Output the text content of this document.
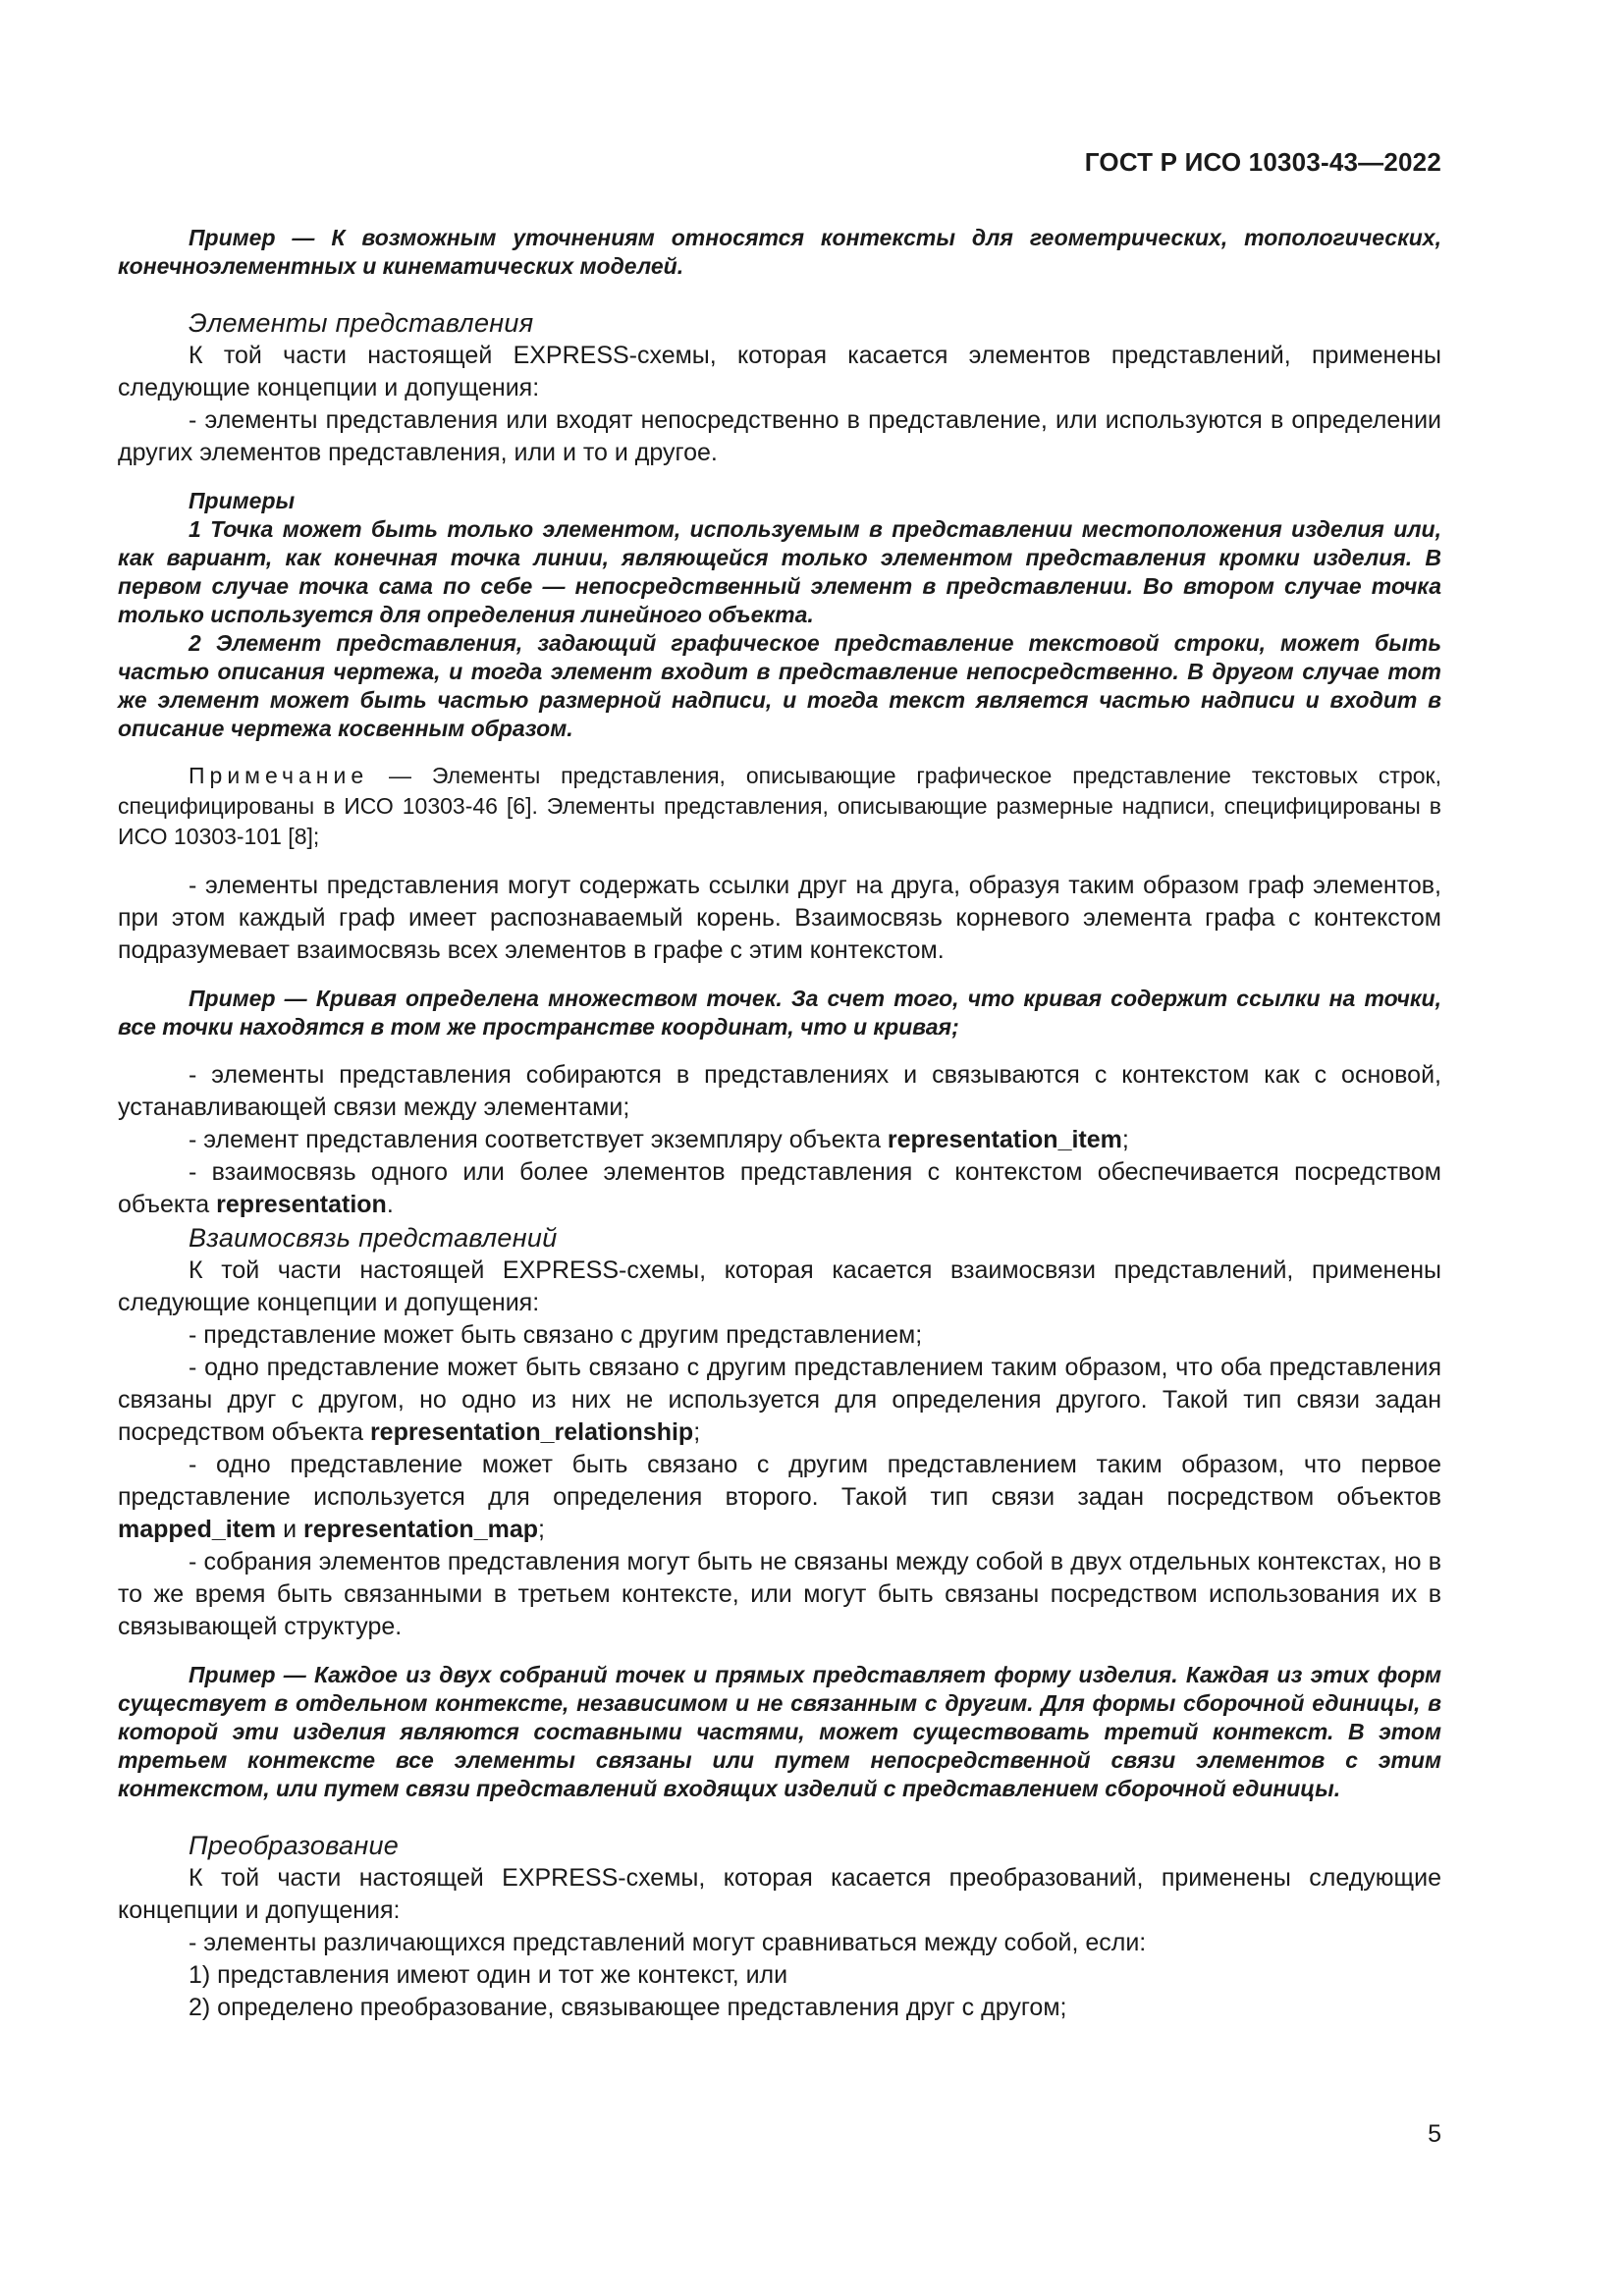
ГОСТ Р ИСО 10303-43—2022

Пример — К возможным уточнениям относятся контексты для геометрических, топологических, конечноэлементных и кинематических моделей.

Элементы представления

К той части настоящей EXPRESS-схемы, которая касается элементов представлений, применены следующие концепции и допущения:

- элементы представления или входят непосредственно в представление, или используются в определении других элементов представления, или и то и другое.

Примеры

1 Точка может быть только элементом, используемым в представлении местоположения изделия или, как вариант, как конечная точка линии, являющейся только элементом представления кромки изделия. В первом случае точка сама по себе — непосредственный элемент в представлении. Во втором случае точка только используется для определения линейного объекта.

2 Элемент представления, задающий графическое представление текстовой строки, может быть частью описания чертежа, и тогда элемент входит в представление непосредственно. В другом случае тот же элемент может быть частью размерной надписи, и тогда текст является частью надписи и входит в описание чертежа косвенным образом.

Примечание — Элементы представления, описывающие графическое представление текстовых строк, специфицированы в ИСО 10303-46 [6]. Элементы представления, описывающие размерные надписи, специфицированы в ИСО 10303-101 [8];

- элементы представления могут содержать ссылки друг на друга, образуя таким образом граф элементов, при этом каждый граф имеет распознаваемый корень. Взаимосвязь корневого элемента графа с контекстом подразумевает взаимосвязь всех элементов в графе с этим контекстом.

Пример — Кривая определена множеством точек. За счет того, что кривая содержит ссылки на точки, все точки находятся в том же пространстве координат, что и кривая;

- элементы представления собираются в представлениях и связываются с контекстом как с основой, устанавливающей связи между элементами;

- элемент представления соответствует экземпляру объекта representation_item;

- взаимосвязь одного или более элементов представления с контекстом обеспечивается посредством объекта representation.

Взаимосвязь представлений

К той части настоящей EXPRESS-схемы, которая касается взаимосвязи представлений, применены следующие концепции и допущения:

- представление может быть связано с другим представлением;

- одно представление может быть связано с другим представлением таким образом, что оба представления связаны друг с другом, но одно из них не используется для определения другого. Такой тип связи задан посредством объекта representation_relationship;

- одно представление может быть связано с другим представлением таким образом, что первое представление используется для определения второго. Такой тип связи задан посредством объектов mapped_item и representation_map;

- собрания элементов представления могут быть не связаны между собой в двух отдельных контекстах, но в то же время быть связанными в третьем контексте, или могут быть связаны посредством использования их в связывающей структуре.

Пример — Каждое из двух собраний точек и прямых представляет форму изделия. Каждая из этих форм существует в отдельном контексте, независимом и не связанным с другим. Для формы сборочной единицы, в которой эти изделия являются составными частями, может существовать третий контекст. В этом третьем контексте все элементы связаны или путем непосредственной связи элементов с этим контекстом, или путем связи представлений входящих изделий с представлением сборочной единицы.

Преобразование

К той части настоящей EXPRESS-схемы, которая касается преобразований, применены следующие концепции и допущения:

- элементы различающихся представлений могут сравниваться между собой, если:

1) представления имеют один и тот же контекст, или

2) определено преобразование, связывающее представления друг с другом;

5
